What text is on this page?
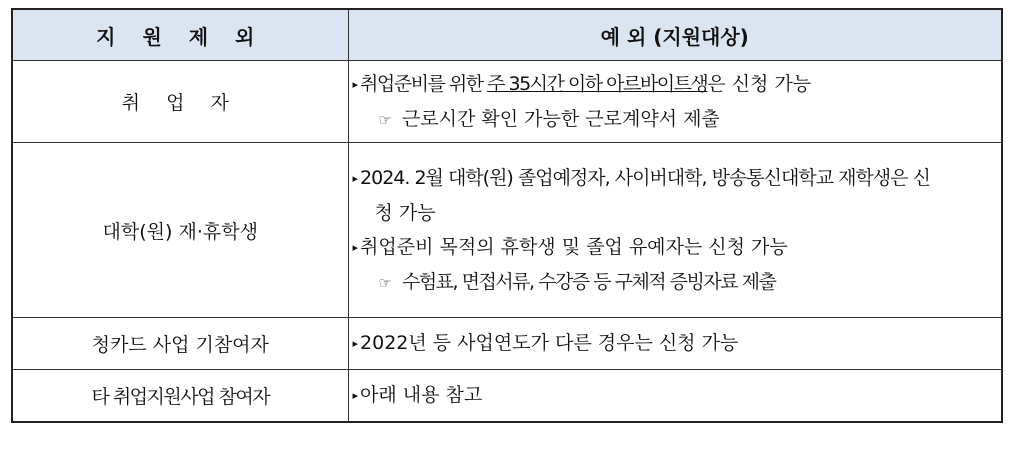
지 원 제 외	예 외 (지원대상)
취 업 자	▸ 취업준비를 위한 주 35시간 이하 아르바이트생은 신청 가능
☞ 근로시간 확인 가능한 근로계약서 제출

대학(원) 재·휴학생	▸ 2024. 2월 대학(원) 졸업예정자, 사이버대학, 방송통신대학교 재학생은 신
청 가능
▸ 취업준비 목적의 휴학생 및 졸업 유예자는 신청 가능
☞ 수험표, 면접서류, 수강증 등 구체적 증빙자료 제출

청카드 사업 기참여자	▸ 2022년 등 사업연도가 다른 경우는 신청 가능

타 취업지원사업 참여자	▸ 아래 내용 참고
